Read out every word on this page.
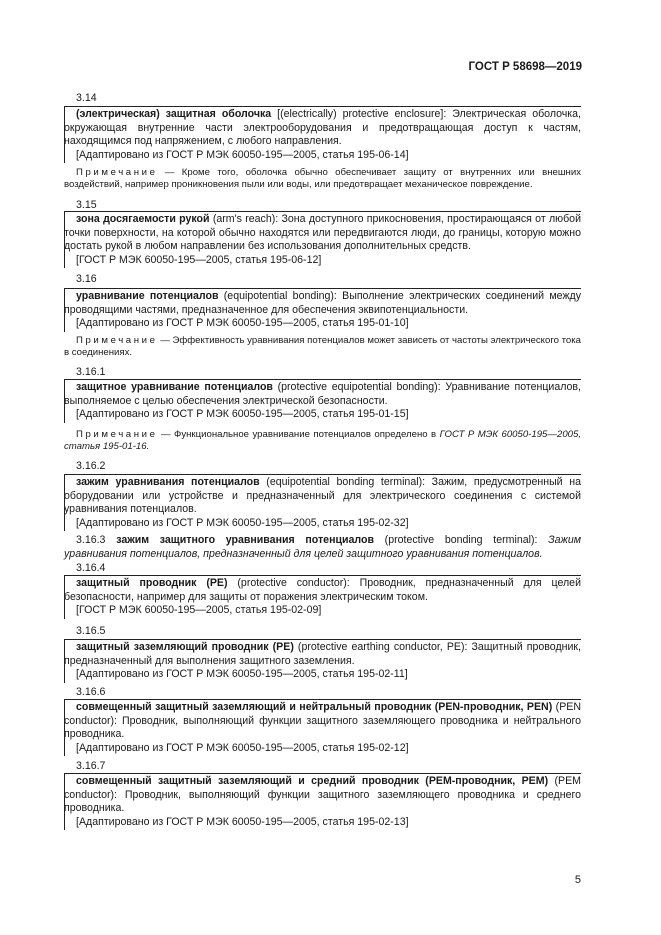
ГОСТ Р 58698—2019
3.14

(электрическая) защитная оболочка [(electrically) protective enclosure]: Электрическая оболочка, окружающая внутренние части электрооборудования и предотвращающая доступ к частям, находящимся под напряжением, с любого направления.

[Адаптировано из ГОСТ Р МЭК 60050-195—2005, статья 195-06-14]

Примечание — Кроме того, оболочка обычно обеспечивает защиту от внутренних или внешних воздействий, например проникновения пыли или воды, или предотвращает механическое повреждение.
3.15

зона досягаемости рукой (arm's reach): Зона доступного прикосновения, простирающаяся от любой точки поверхности, на которой обычно находятся или передвигаются люди, до границы, которую можно достать рукой в любом направлении без использования дополнительных средств.

[ГОСТ Р МЭК 60050-195—2005, статья 195-06-12]

3.16

уравнивание потенциалов (equipotential bonding): Выполнение электрических соединений между проводящими частями, предназначенное для обеспечения эквипотенциальности.

[Адаптировано из ГОСТ Р МЭК 60050-195—2005, статья 195-01-10]

Примечание — Эффективность уравнивания потенциалов может зависеть от частоты электрического тока в соединениях.
3.16.1

защитное уравнивание потенциалов (protective equipotential bonding): Уравнивание потенциалов, выполняемое с целью обеспечения электрической безопасности.

[Адаптировано из ГОСТ Р МЭК 60050-195—2005, статья 195-01-15]

Примечание — Функциональное уравнивание потенциалов определено в ГОСТ Р МЭК 60050-195—2005, статья 195-01-16.
3.16.2

зажим уравнивания потенциалов (equipotential bonding terminal): Зажим, предусмотренный на оборудовании или устройстве и предназначенный для электрического соединения с системой уравнивания потенциалов.

[Адаптировано из ГОСТ Р МЭК 60050-195—2005, статья 195-02-32]

3.16.3 зажим защитного уравнивания потенциалов (protective bonding terminal): Зажим уравнивания потенциалов, предназначенный для целей защитного уравнивания потенциалов.
3.16.4

защитный проводник (PE) (protective conductor): Проводник, предназначенный для целей безопасности, например для защиты от поражения электрическим током.

[ГОСТ Р МЭК 60050-195—2005, статья 195-02-09]

3.16.5

защитный заземляющий проводник (PE) (protective earthing conductor, PE): Защитный проводник, предназначенный для выполнения защитного заземления.

[Адаптировано из ГОСТ Р МЭК 60050-195—2005, статья 195-02-11]

3.16.6

совмещенный защитный заземляющий и нейтральный проводник (PEN-проводник, PEN) (PEN conductor): Проводник, выполняющий функции защитного заземляющего проводника и нейтрального проводника.

[Адаптировано из ГОСТ Р МЭК 60050-195—2005, статья 195-02-12]

3.16.7

совмещенный защитный заземляющий и средний проводник (PEM-проводник, PEM) (PEM conductor): Проводник, выполняющий функции защитного заземляющего проводника и среднего проводника.

[Адаптировано из ГОСТ Р МЭК 60050-195—2005, статья 195-02-13]

5
